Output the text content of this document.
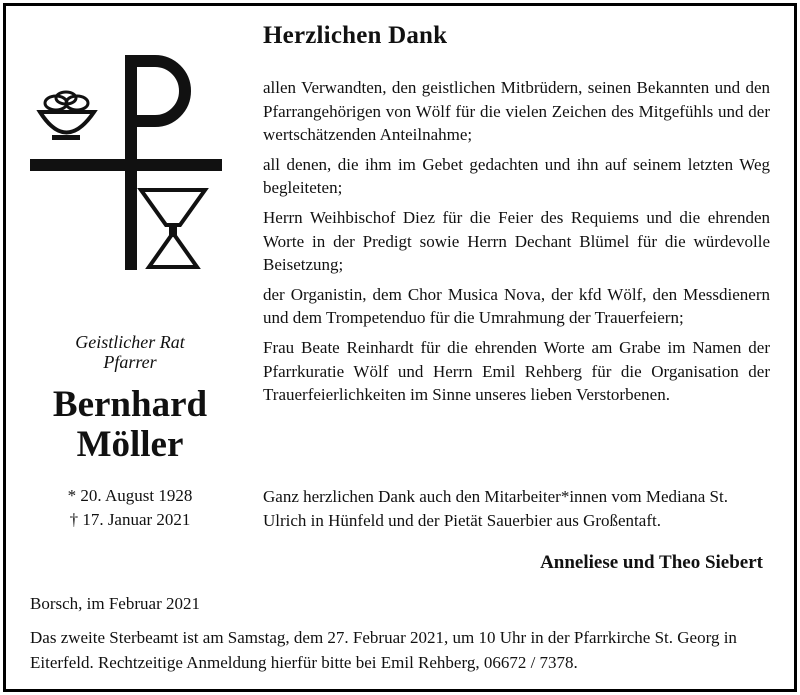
Geistlicher Rat
Pfarrer
Bernhard
Möller
* 20. August 1928
† 17. Januar 2021
Herzlichen Dank

allen Verwandten, den geistlichen Mitbrüdern, seinen Bekannten und den Pfarrangehörigen von Wölf für die vielen Zeichen des Mitgefühls und der wertschätzenden Anteilnahme;

all denen, die ihm im Gebet gedachten und ihn auf seinem letzten Weg begleiteten;

Herrn Weihbischof Diez für die Feier des Requiems und die ehrenden Worte in der Predigt sowie Herrn Dechant Blümel für die würdevolle Beisetzung;

der Organistin, dem Chor Musica Nova, der kfd Wölf, den Messdienern und dem Trompetenduo für die Umrahmung der Trauerfeiern;

Frau Beate Reinhardt für die ehrenden Worte am Grabe im Namen der Pfarrkuratie Wölf und Herrn Emil Rehberg für die Organisation der Trauerfeierlichkeiten im Sinne unseres lieben Verstorbenen.

Ganz herzlichen Dank auch den Mitarbeiter*innen vom Mediana St. Ulrich in Hünfeld und der Pietät Sauerbier aus Großentaft.
Anneliese und Theo Siebert
Borsch, im Februar 2021
Das zweite Sterbeamt ist am Samstag, dem 27. Februar 2021, um 10 Uhr in der Pfarrkirche St. Georg in Eiterfeld. Rechtzeitige Anmeldung hierfür bitte bei Emil Rehberg, 06672 / 7378.
